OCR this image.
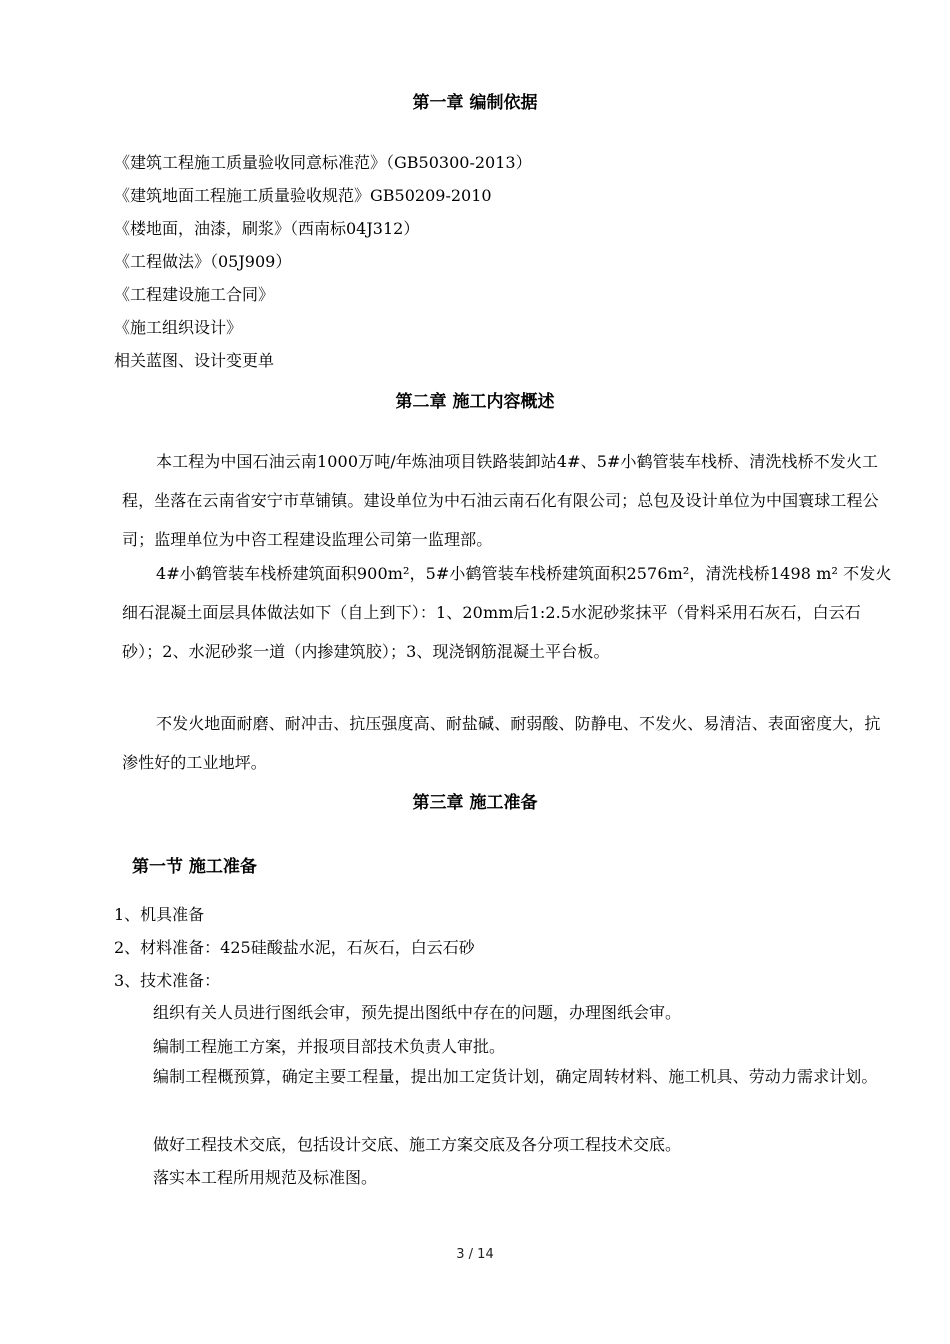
第一章 编制依据
《建筑工程施工质量验收同意标准范》（GB50300-2013）
《建筑地面工程施工质量验收规范》GB50209-2010
《楼地面，油漆，刷浆》（西南标04J312）
《工程做法》（05J909）
《工程建设施工合同》
《施工组织设计》
相关蓝图、设计变更单
第二章 施工内容概述
本工程为中国石油云南1000万吨/年炼油项目铁路装卸站4#、5#小鹤管装车栈桥、清洗栈桥不发火工程，坐落在云南省安宁市草铺镇。建设单位为中石油云南石化有限公司；总包及设计单位为中国寰球工程公司；监理单位为中咨工程建设监理公司第一监理部。
4#小鹤管装车栈桥建筑面积900m²，5#小鹤管装车栈桥建筑面积2576m²，清洗栈桥1498 m² 不发火细石混凝土面层具体做法如下（自上到下）：1、20mm后1:2.5水泥砂浆抹平（骨料采用石灰石，白云石砂）；2、水泥砂浆一道（内掺建筑胶）；3、现浇钢筋混凝土平台板。
不发火地面耐磨、耐冲击、抗压强度高、耐盐碱、耐弱酸、防静电、不发火、易清洁、表面密度大，抗渗性好的工业地坪。
第三章 施工准备
第一节 施工准备
1、机具准备
2、材料准备：425硅酸盐水泥，石灰石，白云石砂
3、技术准备：
组织有关人员进行图纸会审，预先提出图纸中存在的问题，办理图纸会审。
编制工程施工方案，并报项目部技术负责人审批。
编制工程概预算，确定主要工程量，提出加工定货计划，确定周转材料、施工机具、劳动力需求计划。
做好工程技术交底，包括设计交底、施工方案交底及各分项工程技术交底。
落实本工程所用规范及标准图。
3 / 14
